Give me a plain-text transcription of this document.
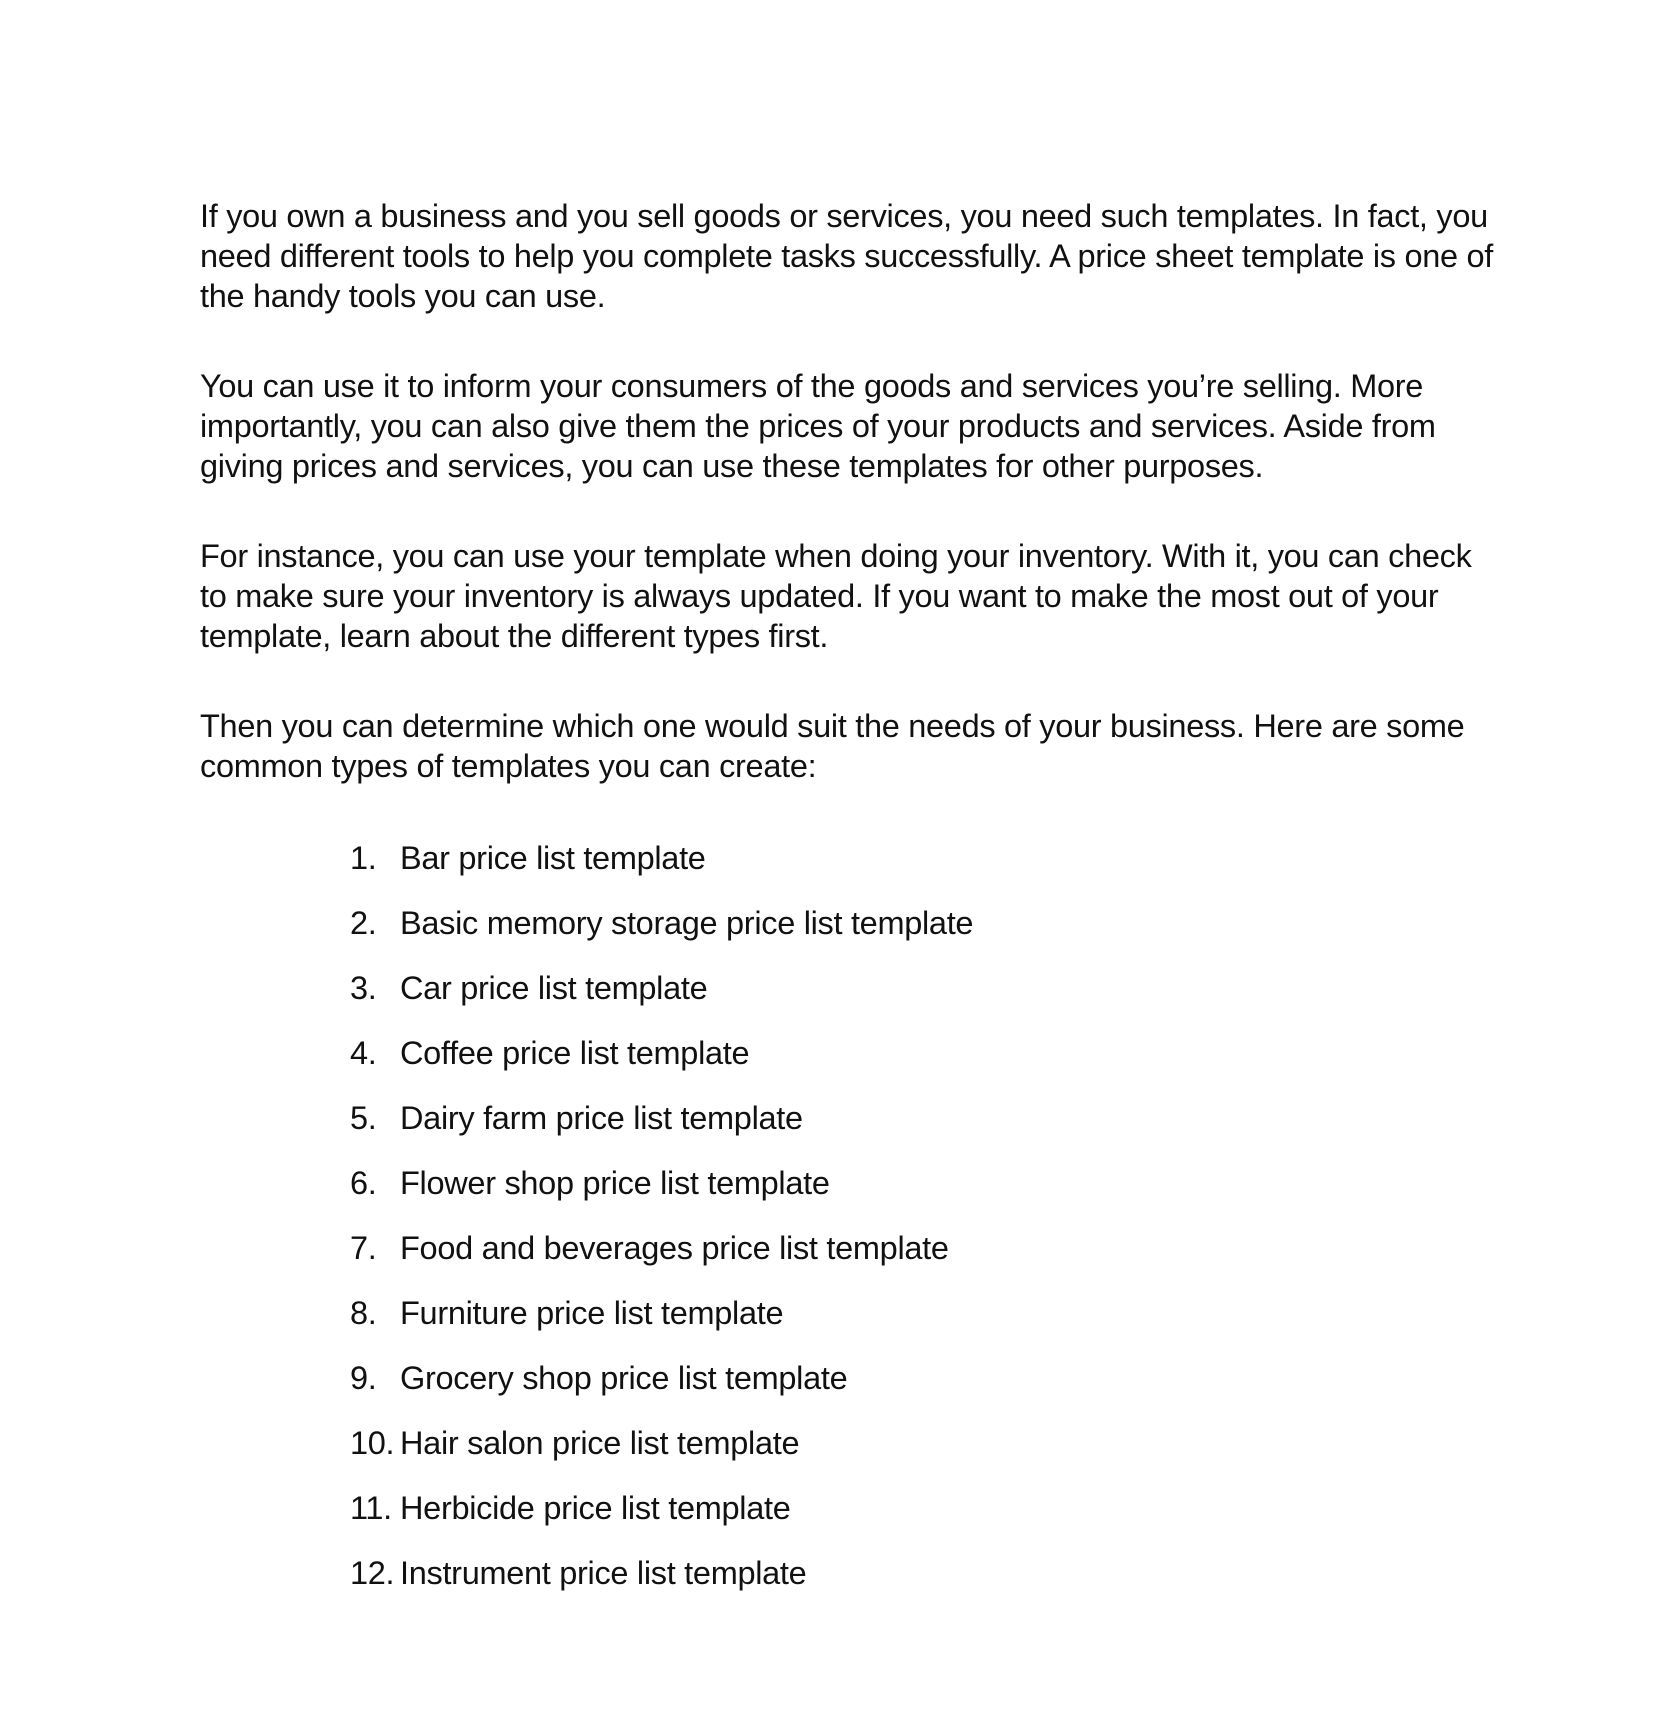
If you own a business and you sell goods or services, you need such templates. In fact, you need different tools to help you complete tasks successfully. A price sheet template is one of the handy tools you can use.

You can use it to inform your consumers of the goods and services you’re selling. More importantly, you can also give them the prices of your products and services. Aside from giving prices and services, you can use these templates for other purposes.

For instance, you can use your template when doing your inventory. With it, you can check to make sure your inventory is always updated. If you want to make the most out of your template, learn about the different types first.

Then you can determine which one would suit the needs of your business. Here are some common types of templates you can create:

1. Bar price list template
2. Basic memory storage price list template
3. Car price list template
4. Coffee price list template
5. Dairy farm price list template
6. Flower shop price list template
7. Food and beverages price list template
8. Furniture price list template
9. Grocery shop price list template
10. Hair salon price list template
11. Herbicide price list template
12. Instrument price list template
